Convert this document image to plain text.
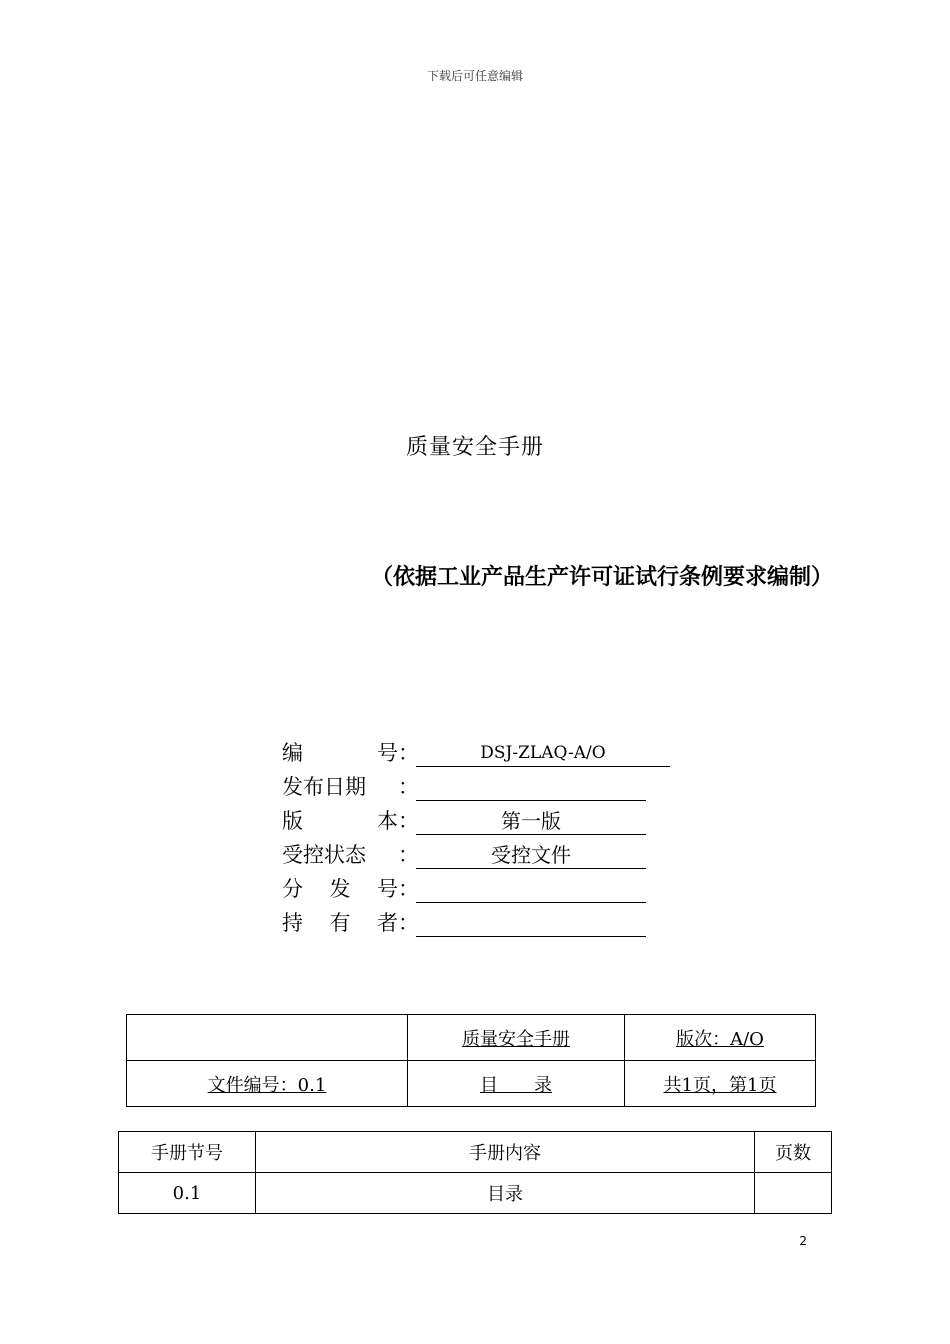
下载后可任意编辑
质量安全手册
（依据工业产品生产许可证试行条例要求编制）
编	号 ：	DSJ-ZLAQ-A/O
发布日期 ：
版	本 ：	第一版
受控状态 ：	受控文件
分 发 号 ：
持 有 者 ：
	质量安全手册	版次：A/O
文件编号：0.1	目　　录	共1页，第1页
手册节号	手册内容	页数
0.1	目录	
2
